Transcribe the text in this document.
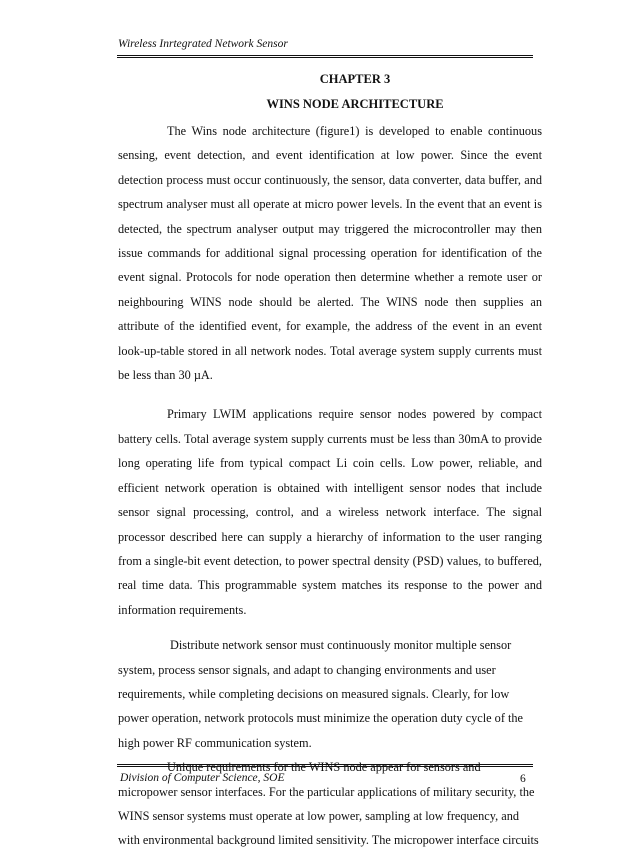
Wireless Inrtegrated Network Sensor
CHAPTER 3
WINS NODE ARCHITECTURE

The Wins node architecture (figure1) is developed to enable continuous sensing, event detection, and event identification at low power. Since the event detection process must occur continuously, the sensor, data converter, data buffer, and spectrum analyser must all operate at micro power levels. In the event that an event is detected, the spectrum analyser output may triggered the microcontroller may then issue commands for additional signal processing operation for identification of the event signal. Protocols for node operation then determine whether a remote user or neighbouring WINS node should be alerted. The WINS node then supplies an attribute of the identified event, for example, the address of the event in an event look-up-table stored in all network nodes. Total average system supply currents must be less than 30 µA.

Primary LWIM applications require sensor nodes powered by compact battery cells. Total average system supply currents must be less than 30mA to provide long operating life from typical compact Li coin cells. Low power, reliable, and efficient network operation is obtained with intelligent sensor nodes that include sensor signal processing, control, and a wireless network interface. The signal processor described here can supply a hierarchy of information to the user ranging from a single-bit event detection, to power spectral density (PSD) values, to buffered, real time data. This programmable system matches its response to the power and information requirements.

Distribute network sensor must continuously monitor multiple sensor system, process sensor signals, and adapt to changing environments and user requirements, while completing decisions on measured signals. Clearly, for low power operation, network protocols must minimize the operation duty cycle of the high power RF communication system.

Unique requirements for the WINS node appear for sensors and micropower sensor interfaces. For the particular applications of military security, the WINS sensor systems must operate at low power, sampling at low frequency, and with environmental background limited sensitivity. The micropower interface circuits

Division of Computer Science, SOE	6
